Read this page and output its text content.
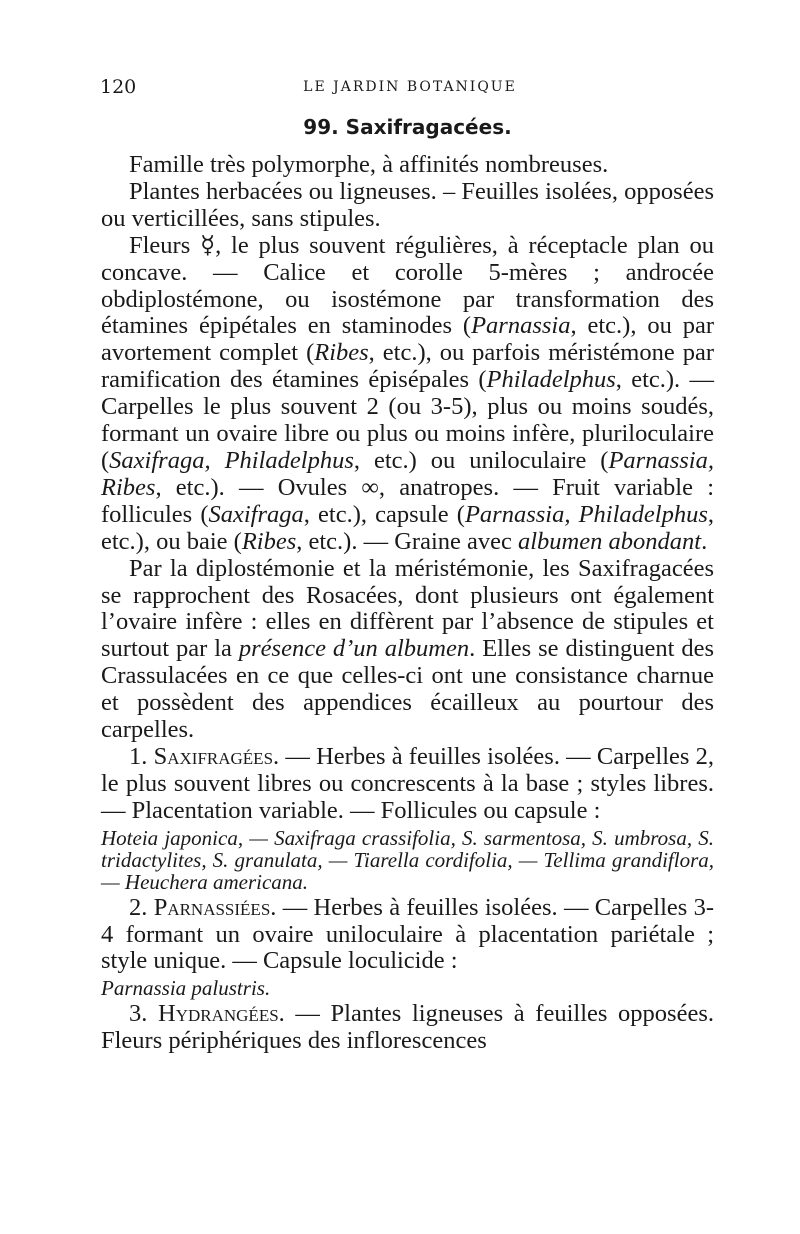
120	LE JARDIN BOTANIQUE
99. Saxifragacées.

Famille très polymorphe, à affinités nombreuses.

Plantes herbacées ou ligneuses. – Feuilles isolées, opposées ou verticillées, sans stipules.

Fleurs ☿, le plus souvent régulières, à réceptacle plan ou concave. — Calice et corolle 5-mères ; androcée obdiplostémone, ou isostémone par transformation des étamines épipétales en staminodes (Parnassia, etc.), ou par avortement complet (Ribes, etc.), ou parfois méristémone par ramification des étamines épisépales (Philadelphus, etc.). — Carpelles le plus souvent 2 (ou 3-5), plus ou moins soudés, formant un ovaire libre ou plus ou moins infère, pluriloculaire (Saxifraga, Philadelphus, etc.) ou uniloculaire (Parnassia, Ribes, etc.). — Ovules ∞, anatropes. — Fruit variable : follicules (Saxifraga, etc.), capsule (Parnassia, Philadelphus, etc.), ou baie (Ribes, etc.). — Graine avec albumen abondant.

Par la diplostémonie et la méristémonie, les Saxifragacées se rapprochent des Rosacées, dont plusieurs ont également l’ovaire infère : elles en diffèrent par l’absence de stipules et surtout par la présence d’un albumen. Elles se distinguent des Crassulacées en ce que celles-ci ont une consistance charnue et possèdent des appendices écailleux au pourtour des carpelles.

1. Saxifragées. — Herbes à feuilles isolées. — Carpelles 2, le plus souvent libres ou concrescents à la base ; styles libres. — Placentation variable. — Follicules ou capsule :

Hoteia japonica, — Saxifraga crassifolia, S. sarmentosa, S. umbrosa, S. tridactylites, S. granulata, — Tiarella cordifolia, — Tellima grandiflora, — Heuchera americana.

2. Parnassiées. — Herbes à feuilles isolées. — Carpelles 3-4 formant un ovaire uniloculaire à placentation pariétale ; style unique. — Capsule loculicide :

Parnassia palustris.

3. Hydrangées. — Plantes ligneuses à feuilles opposées. Fleurs périphériques des inflorescences
